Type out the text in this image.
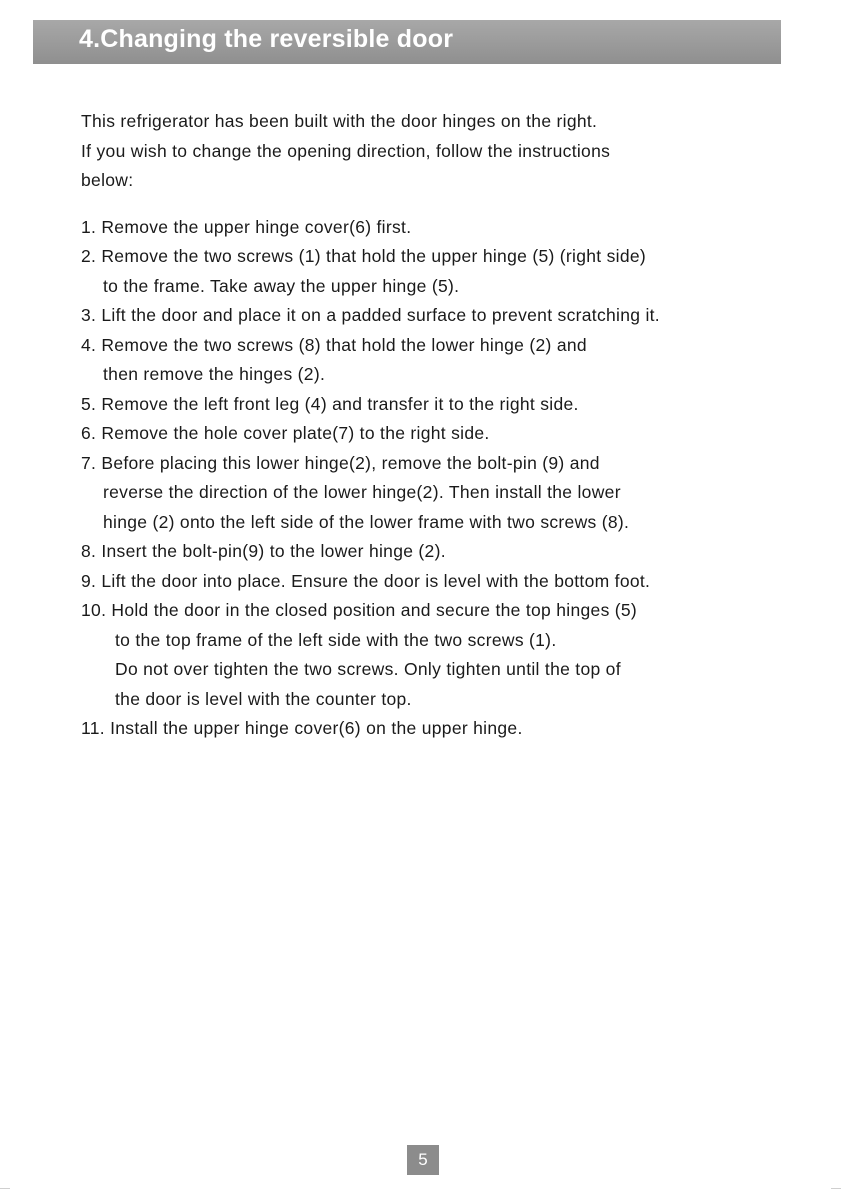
4.Changing the reversible door
This refrigerator has been built with the door hinges on the right.
If you wish to change the opening direction, follow the instructions
below:
1. Remove the upper hinge cover(6) first.
2. Remove the two screws (1) that hold the upper hinge (5) (right side)
to the frame. Take away the upper hinge (5).
3. Lift the door and place it on a padded surface to prevent scratching it.
4. Remove the two screws (8) that hold the lower hinge (2) and
then remove the hinges (2).
5. Remove the left front leg (4) and transfer it to the right side.
6. Remove the hole cover plate(7) to the right side.
7. Before placing this lower hinge(2), remove the bolt-pin (9) and
reverse the direction of the lower hinge(2). Then install the lower
hinge (2) onto the left side of the lower frame with two screws (8).
8. Insert the bolt-pin(9) to the lower hinge (2).
9. Lift the door into place. Ensure the door is level with the bottom foot.
10. Hold the door in the closed position and secure the top hinges (5)
to the top frame of the left side with the two screws (1).
Do not over tighten the two screws. Only tighten until the top of
the door is level with the counter top.
11. Install the upper hinge cover(6) on the upper hinge.
5
